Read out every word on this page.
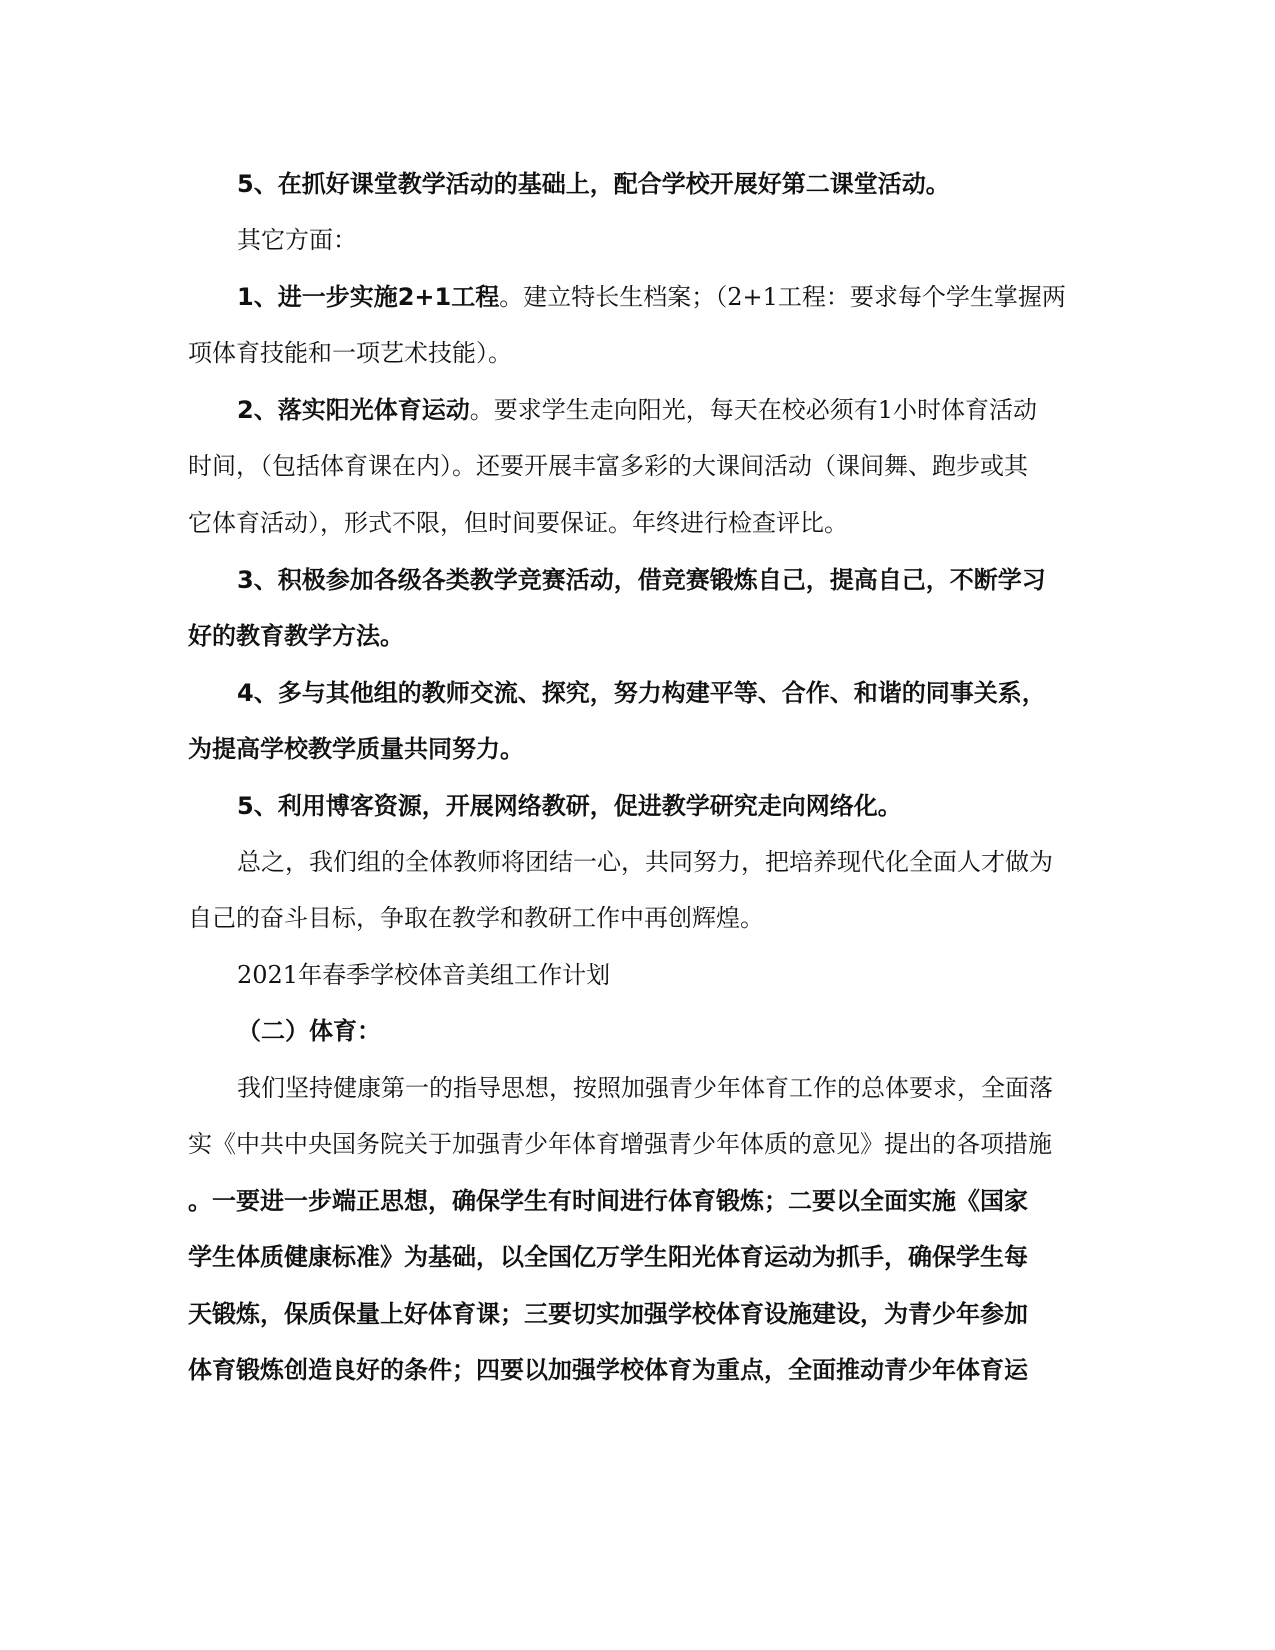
5、在抓好课堂教学活动的基础上，配合学校开展好第二课堂活动。
其它方面：
1、进一步实施2+1工程。建立特长生档案；（2+1工程：要求每个学生掌握两
项体育技能和一项艺术技能）。
2、落实阳光体育运动。要求学生走向阳光，每天在校必须有1小时体育活动
时间，（包括体育课在内）。还要开展丰富多彩的大课间活动（课间舞、跑步或其
它体育活动），形式不限，但时间要保证。年终进行检查评比。
3、积极参加各级各类教学竞赛活动，借竞赛锻炼自己，提高自己，不断学习
好的教育教学方法。
4、多与其他组的教师交流、探究，努力构建平等、合作、和谐的同事关系，
为提高学校教学质量共同努力。
5、利用博客资源，开展网络教研，促进教学研究走向网络化。
总之，我们组的全体教师将团结一心，共同努力，把培养现代化全面人才做为
自己的奋斗目标，争取在教学和教研工作中再创辉煌。
2021年春季学校体音美组工作计划
（二）体育：
我们坚持健康第一的指导思想，按照加强青少年体育工作的总体要求，全面落
实《中共中央国务院关于加强青少年体育增强青少年体质的意见》提出的各项措施
。一要进一步端正思想，确保学生有时间进行体育锻炼；二要以全面实施《国家
学生体质健康标准》为基础，以全国亿万学生阳光体育运动为抓手，确保学生每
天锻炼，保质保量上好体育课；三要切实加强学校体育设施建设，为青少年参加
体育锻炼创造良好的条件；四要以加强学校体育为重点，全面推动青少年体育运
